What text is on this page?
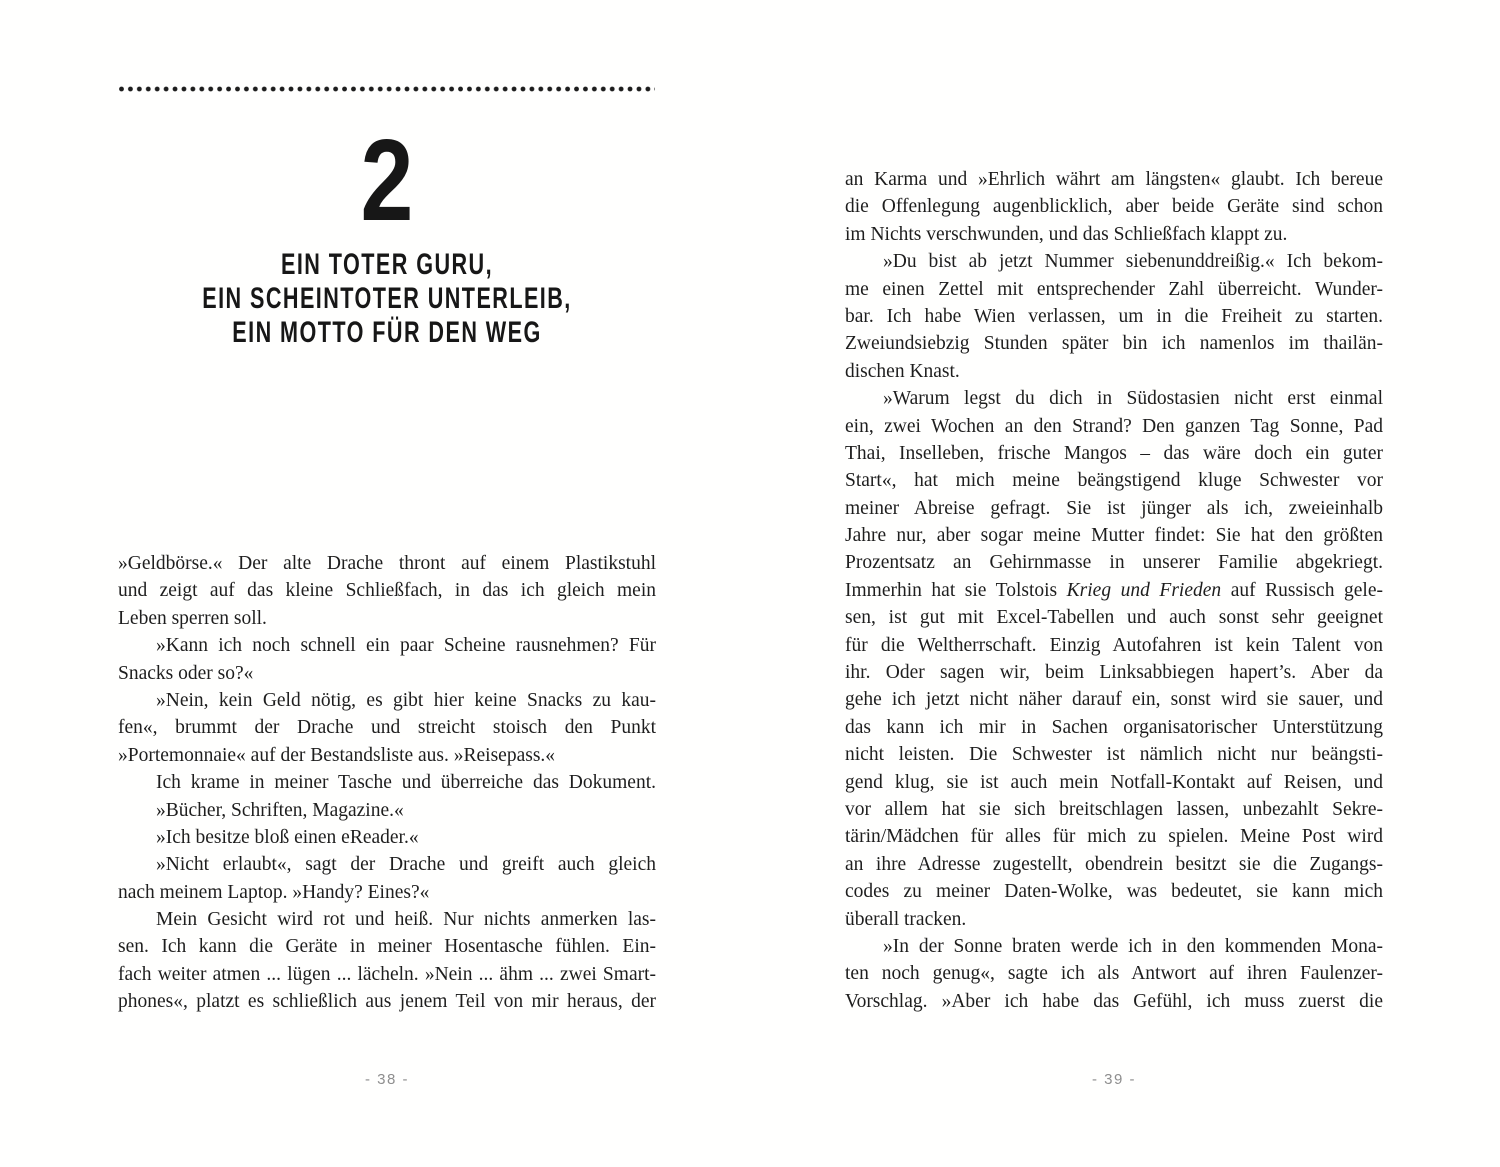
2
EIN TOTER GURU,
EIN SCHEINTOTER UNTERLEIB,
EIN MOTTO FÜR DEN WEG
»Geldbörse.« Der alte Drache thront auf einem Plastikstuhl
und zeigt auf das kleine Schließfach, in das ich gleich mein
Leben sperren soll.
»Kann ich noch schnell ein paar Scheine rausnehmen? Für
Snacks oder so?«
»Nein, kein Geld nötig, es gibt hier keine Snacks zu kau-
fen«, brummt der Drache und streicht stoisch den Punkt
»Portemonnaie« auf der Bestandsliste aus. »Reisepass.«
Ich krame in meiner Tasche und überreiche das Dokument.
»Bücher, Schriften, Magazine.«
»Ich besitze bloß einen eReader.«
»Nicht erlaubt«, sagt der Drache und greift auch gleich
nach meinem Laptop. »Handy? Eines?«
Mein Gesicht wird rot und heiß. Nur nichts anmerken las-
sen. Ich kann die Geräte in meiner Hosentasche fühlen. Ein-
fach weiter atmen ... lügen ... lächeln. »Nein ... ähm ... zwei Smart-
phones«, platzt es schließlich aus jenem Teil von mir heraus, der
- 38 -
an Karma und »Ehrlich währt am längsten« glaubt. Ich bereue
die Offenlegung augenblicklich, aber beide Geräte sind schon
im Nichts verschwunden, und das Schließfach klappt zu.
»Du bist ab jetzt Nummer siebenunddreißig.« Ich bekom-
me einen Zettel mit entsprechender Zahl überreicht. Wunder-
bar. Ich habe Wien verlassen, um in die Freiheit zu starten.
Zweiundsiebzig Stunden später bin ich namenlos im thailän-
dischen Knast.
»Warum legst du dich in Südostasien nicht erst einmal
ein, zwei Wochen an den Strand? Den ganzen Tag Sonne, Pad
Thai, Inselleben, frische Mangos – das wäre doch ein guter
Start«, hat mich meine beängstigend kluge Schwester vor
meiner Abreise gefragt. Sie ist jünger als ich, zweieinhalb
Jahre nur, aber sogar meine Mutter findet: Sie hat den größten
Prozentsatz an Gehirnmasse in unserer Familie abgekriegt.
Immerhin hat sie Tolstois Krieg und Frieden auf Russisch gele-
sen, ist gut mit Excel-Tabellen und auch sonst sehr geeignet
für die Weltherrschaft. Einzig Autofahren ist kein Talent von
ihr. Oder sagen wir, beim Linksabbiegen hapert’s. Aber da
gehe ich jetzt nicht näher darauf ein, sonst wird sie sauer, und
das kann ich mir in Sachen organisatorischer Unterstützung
nicht leisten. Die Schwester ist nämlich nicht nur beängsti-
gend klug, sie ist auch mein Notfall-Kontakt auf Reisen, und
vor allem hat sie sich breitschlagen lassen, unbezahlt Sekre-
tärin/Mädchen für alles für mich zu spielen. Meine Post wird
an ihre Adresse zugestellt, obendrein besitzt sie die Zugangs-
codes zu meiner Daten-Wolke, was bedeutet, sie kann mich
überall tracken.
»In der Sonne braten werde ich in den kommenden Mona-
ten noch genug«, sagte ich als Antwort auf ihren Faulenzer-
Vorschlag. »Aber ich habe das Gefühl, ich muss zuerst die
- 39 -
